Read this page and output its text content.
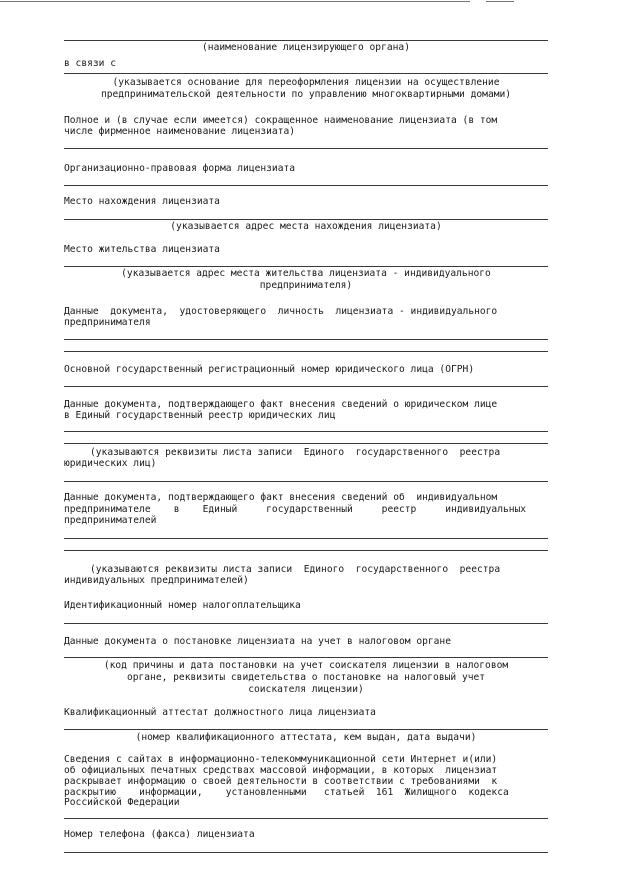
(наименование лицензирующего органа)
в связи с
(указывается основание для переоформления лицензии на осуществление
предпринимательской деятельности по управлению многоквартирными домами)
Полное и (в случае если имеется) сокращенное наименование лицензиата (в том
числе фирменное наименование лицензиата)
Организационно-правовая форма лицензиата
Место нахождения лицензиата
(указывается адрес места нахождения лицензиата)
Место жительства лицензиата
(указывается адрес места жительства лицензиата - индивидуального
предпринимателя)
Данные  документа,  удостоверяющего  личность  лицензиата - индивидуального
предпринимателя
Основной государственный регистрационный номер юридического лица (ОГРН)
Данные документа, подтверждающего факт внесения сведений о юридическом лице
в Единый государственный реестр юридических лиц
(указываются реквизиты листа записи  Единого  государственного  реестра
юридических лиц)
Данные документа, подтверждающего факт внесения сведений об  индивидуальном
предпринимателе    в    Единый     государственный     реестр     индивидуальных
предпринимателей
(указываются реквизиты листа записи  Единого  государственного  реестра
индивидуальных предпринимателей)
Идентификационный номер налогоплательщика
Данные документа о постановке лицензиата на учет в налоговом органе
(код причины и дата постановки на учет соискателя лицензии в налоговом
органе, реквизиты свидетельства о постановке на налоговый учет
соискателя лицензии)
Квалификационный аттестат должностного лица лицензиата
(номер квалификационного аттестата, кем выдан, дата выдачи)
Сведения с сайтах в информационно-телекоммуникационной сети Интернет и(или)
об официальных печатных средствах массовой информации, в которых  лицензиат
раскрывает информацию о своей деятельности в соответствии с требованиями  к
раскрытию    информации,    установленными   статьей  161  Жилищного  кодекса
Российской Федерации
Номер телефона (факса) лицензиата
